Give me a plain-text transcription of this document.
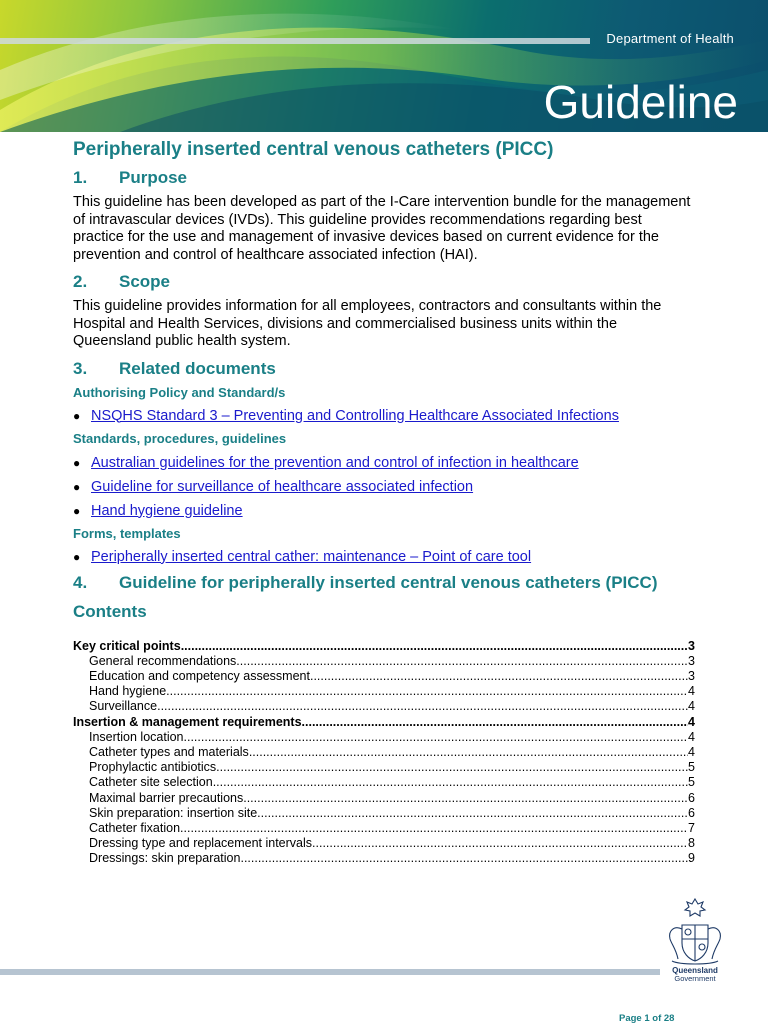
Department of Health
Guideline
Peripherally inserted central venous catheters (PICC)
1.	Purpose

This guideline has been developed as part of the I-Care intervention bundle for the management of intravascular devices (IVDs). This guideline provides recommendations regarding best practice for the use and management of invasive devices based on current evidence for the prevention and control of healthcare associated infection (HAI).

2.	Scope

This guideline provides information for all employees, contractors and consultants within the Hospital and Health Services, divisions and commercialised business units within the Queensland public health system.

3.	Related documents
Authorising Policy and Standard/s
● NSQHS Standard 3 – Preventing and Controlling Healthcare Associated Infections
Standards, procedures, guidelines
● Australian guidelines for the prevention and control of infection in healthcare
● Guideline for surveillance of healthcare associated infection
● Hand hygiene guideline
Forms, templates
● Peripherally inserted central cather: maintenance – Point of care tool
4.	Guideline for peripherally inserted central venous catheters (PICC)
Contents
Key critical points .....	3
General recommendations .....	3
Education and competency assessment .....	3
Hand hygiene .....	4
Surveillance .....	4
Insertion & management requirements .....	4
Insertion location .....	4
Catheter types and materials .....	4
Prophylactic antibiotics .....	5
Catheter site selection .....	5
Maximal barrier precautions .....	6
Skin preparation: insertion site .....	6
Catheter fixation .....	7
Dressing type and replacement intervals .....	8
Dressings: skin preparation .....	9
Queensland
Government
Page 1 of 28
